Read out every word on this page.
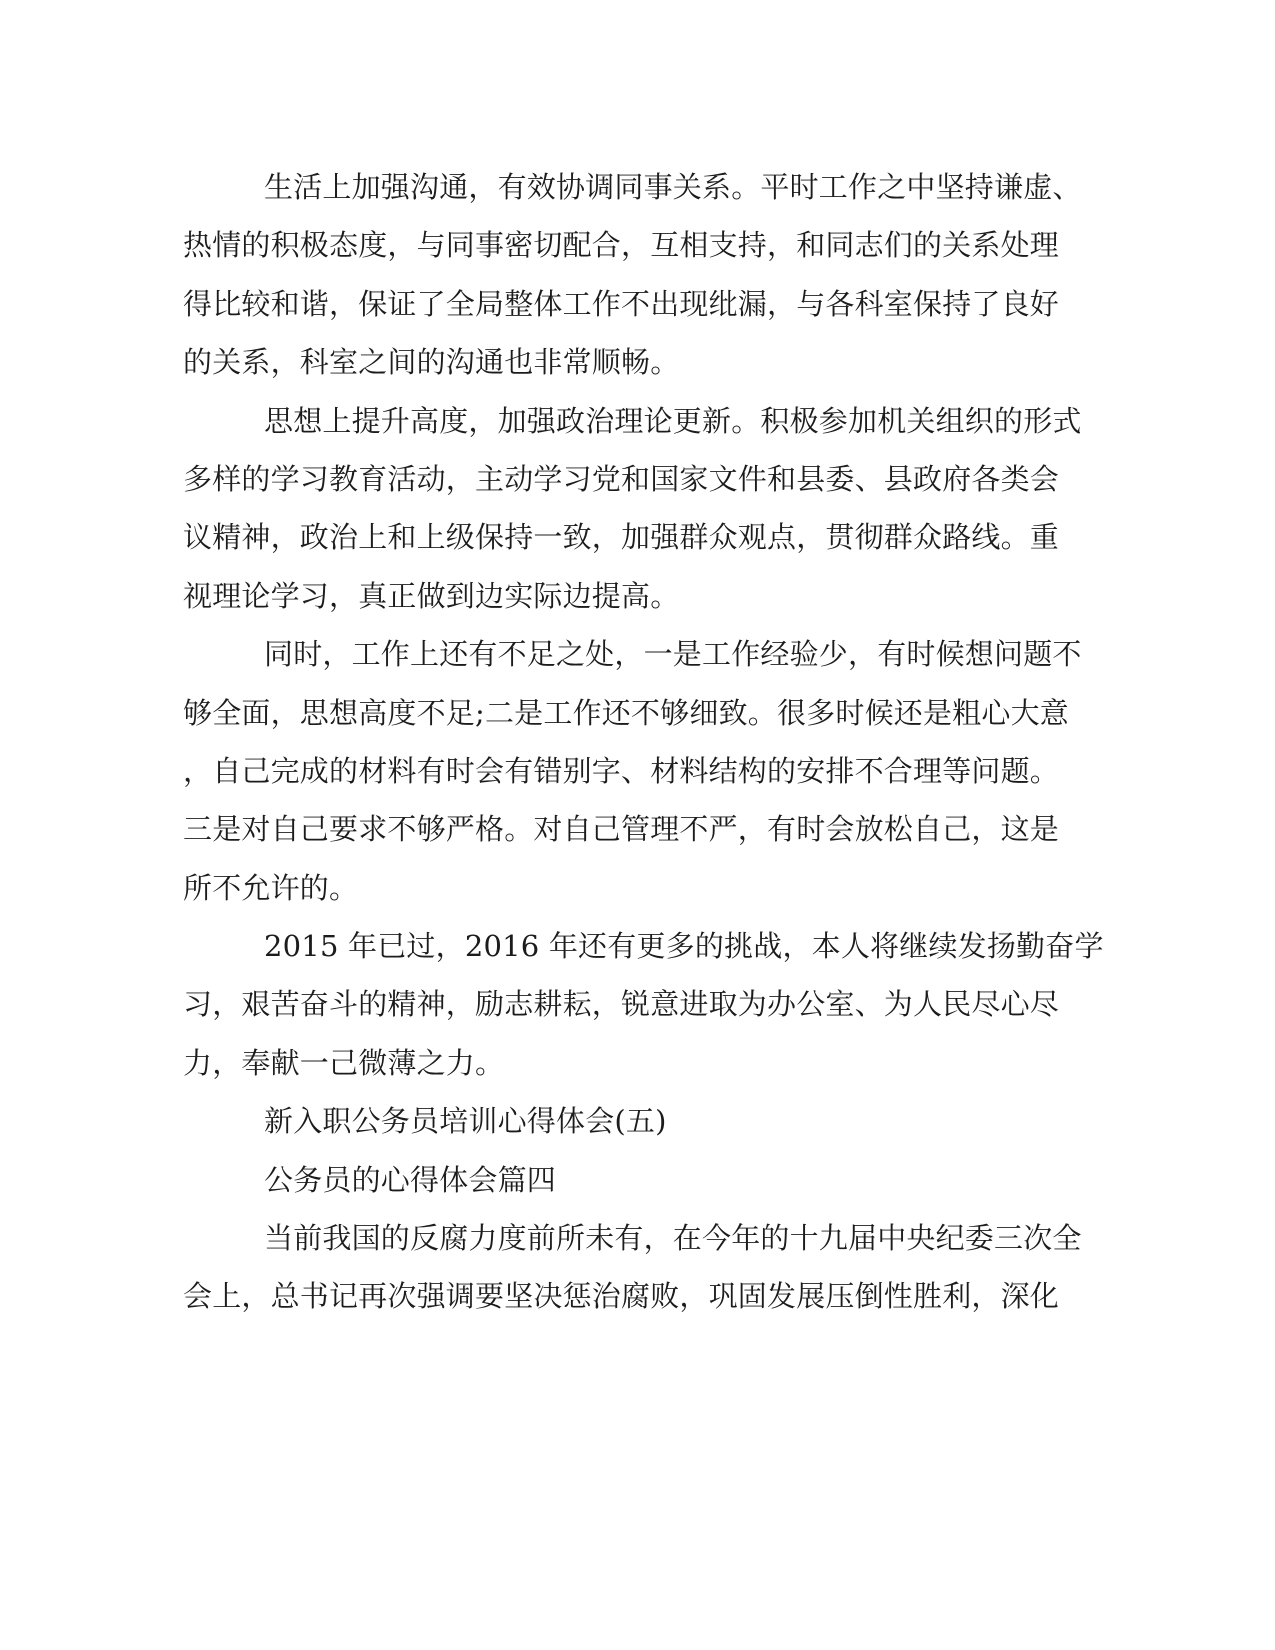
生活上加强沟通，有效协调同事关系。平时工作之中坚持谦虚、
热情的积极态度，与同事密切配合，互相支持，和同志们的关系处理
得比较和谐，保证了全局整体工作不出现纰漏，与各科室保持了良好
的关系，科室之间的沟通也非常顺畅。
思想上提升高度，加强政治理论更新。积极参加机关组织的形式
多样的学习教育活动，主动学习党和国家文件和县委、县政府各类会
议精神，政治上和上级保持一致，加强群众观点，贯彻群众路线。重
视理论学习，真正做到边实际边提高。
同时，工作上还有不足之处，一是工作经验少，有时候想问题不
够全面，思想高度不足;二是工作还不够细致。很多时候还是粗心大意
，自己完成的材料有时会有错别字、材料结构的安排不合理等问题。
三是对自己要求不够严格。对自己管理不严，有时会放松自己，这是
所不允许的。
2015 年已过，2016 年还有更多的挑战，本人将继续发扬勤奋学
习，艰苦奋斗的精神，励志耕耘，锐意进取为办公室、为人民尽心尽
力，奉献一己微薄之力。
新入职公务员培训心得体会(五)
公务员的心得体会篇四
当前我国的反腐力度前所未有，在今年的十九届中央纪委三次全
会上，总书记再次强调要坚决惩治腐败，巩固发展压倒性胜利，深化
